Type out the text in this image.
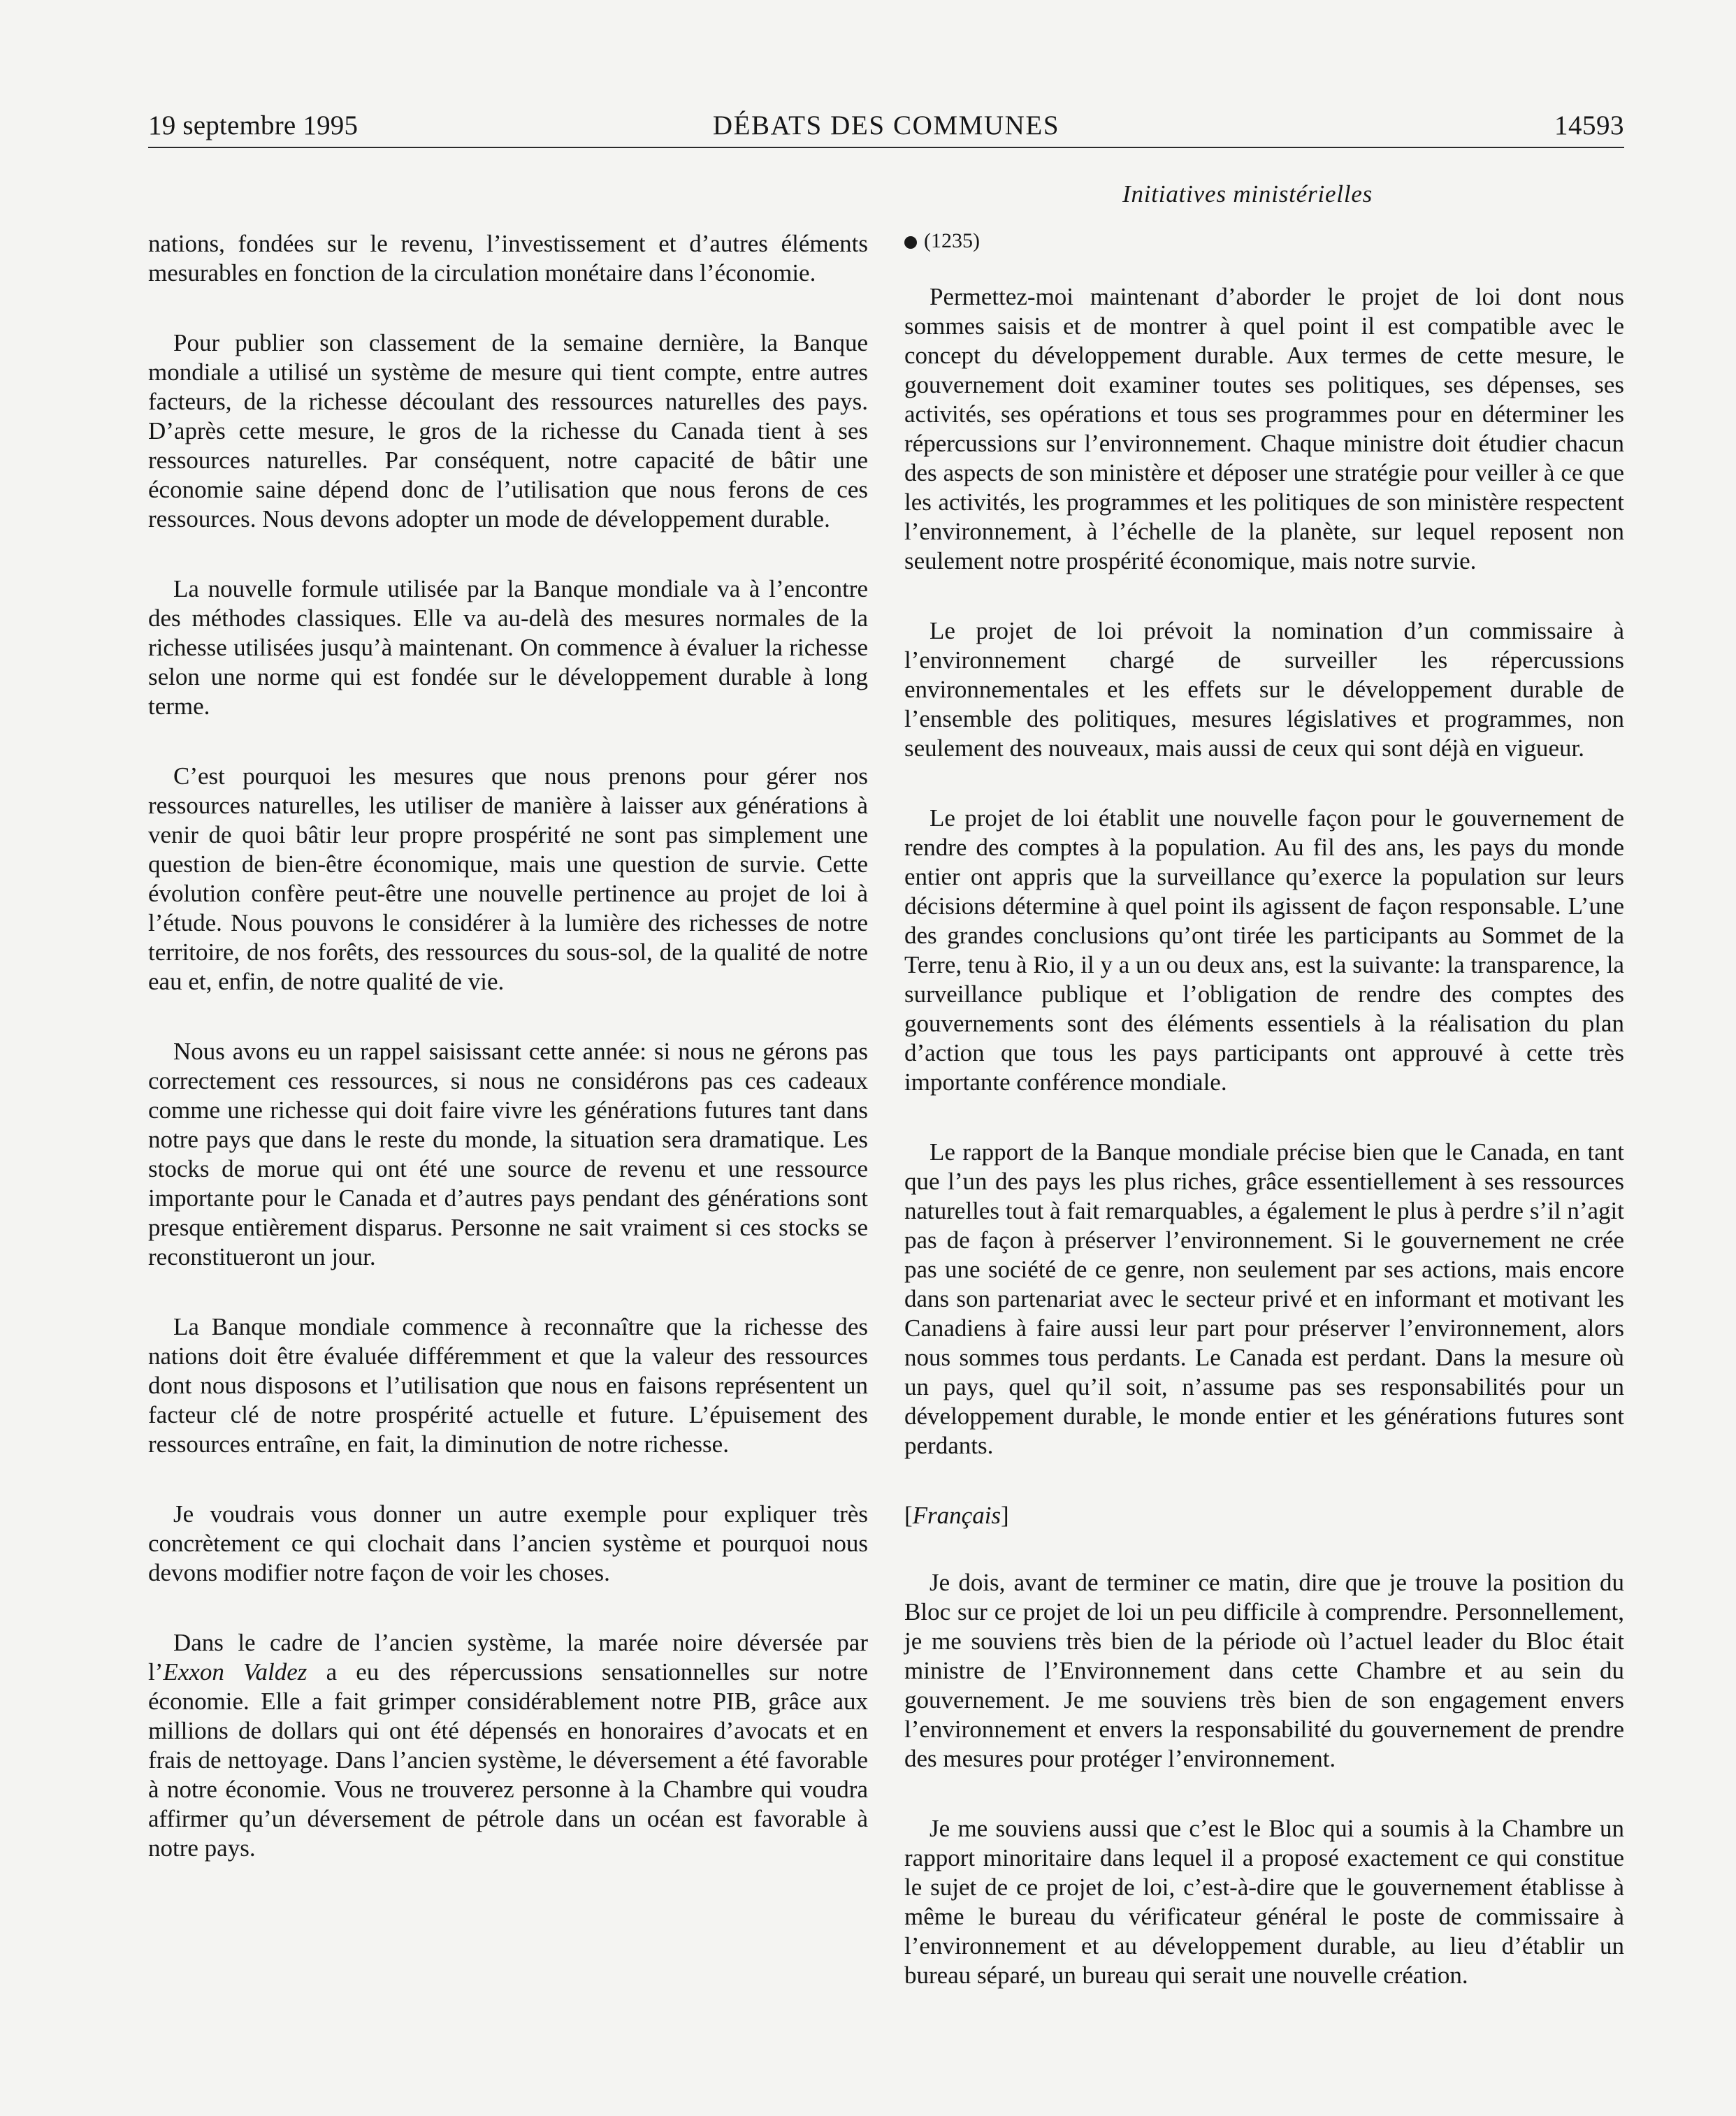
19 septembre 1995	DÉBATS DES COMMUNES	14593
Initiatives ministérielles

nations, fondées sur le revenu, l’investissement et d’autres éléments mesurables en fonction de la circulation monétaire dans l’économie.

Pour publier son classement de la semaine dernière, la Banque mondiale a utilisé un système de mesure qui tient compte, entre autres facteurs, de la richesse découlant des ressources naturelles des pays. D’après cette mesure, le gros de la richesse du Canada tient à ses ressources naturelles. Par conséquent, notre capacité de bâtir une économie saine dépend donc de l’utilisation que nous ferons de ces ressources. Nous devons adopter un mode de développement durable.

La nouvelle formule utilisée par la Banque mondiale va à l’encontre des méthodes classiques. Elle va au-delà des mesures normales de la richesse utilisées jusqu’à maintenant. On commence à évaluer la richesse selon une norme qui est fondée sur le développement durable à long terme.

C’est pourquoi les mesures que nous prenons pour gérer nos ressources naturelles, les utiliser de manière à laisser aux générations à venir de quoi bâtir leur propre prospérité ne sont pas simplement une question de bien-être économique, mais une question de survie. Cette évolution confère peut-être une nouvelle pertinence au projet de loi à l’étude. Nous pouvons le considérer à la lumière des richesses de notre territoire, de nos forêts, des ressources du sous-sol, de la qualité de notre eau et, enfin, de notre qualité de vie.

Nous avons eu un rappel saisissant cette année: si nous ne gérons pas correctement ces ressources, si nous ne considérons pas ces cadeaux comme une richesse qui doit faire vivre les générations futures tant dans notre pays que dans le reste du monde, la situation sera dramatique. Les stocks de morue qui ont été une source de revenu et une ressource importante pour le Canada et d’autres pays pendant des générations sont presque entièrement disparus. Personne ne sait vraiment si ces stocks se reconstitueront un jour.

La Banque mondiale commence à reconnaître que la richesse des nations doit être évaluée différemment et que la valeur des ressources dont nous disposons et l’utilisation que nous en faisons représentent un facteur clé de notre prospérité actuelle et future. L’épuisement des ressources entraîne, en fait, la diminution de notre richesse.

Je voudrais vous donner un autre exemple pour expliquer très concrètement ce qui clochait dans l’ancien système et pourquoi nous devons modifier notre façon de voir les choses.

Dans le cadre de l’ancien système, la marée noire déversée par l’Exxon Valdez a eu des répercussions sensationnelles sur notre économie. Elle a fait grimper considérablement notre PIB, grâce aux millions de dollars qui ont été dépensés en honoraires d’avocats et en frais de nettoyage. Dans l’ancien système, le déversement a été favorable à notre économie. Vous ne trouverez personne à la Chambre qui voudra affirmer qu’un déversement de pétrole dans un océan est favorable à notre pays.

(1235)

Permettez-moi maintenant d’aborder le projet de loi dont nous sommes saisis et de montrer à quel point il est compatible avec le concept du développement durable. Aux termes de cette mesure, le gouvernement doit examiner toutes ses politiques, ses dépenses, ses activités, ses opérations et tous ses programmes pour en déterminer les répercussions sur l’environnement. Chaque ministre doit étudier chacun des aspects de son ministère et déposer une stratégie pour veiller à ce que les activités, les programmes et les politiques de son ministère respectent l’environnement, à l’échelle de la planète, sur lequel reposent non seulement notre prospérité économique, mais notre survie.

Le projet de loi prévoit la nomination d’un commissaire à l’environnement chargé de surveiller les répercussions environnementales et les effets sur le développement durable de l’ensemble des politiques, mesures législatives et programmes, non seulement des nouveaux, mais aussi de ceux qui sont déjà en vigueur.

Le projet de loi établit une nouvelle façon pour le gouvernement de rendre des comptes à la population. Au fil des ans, les pays du monde entier ont appris que la surveillance qu’exerce la population sur leurs décisions détermine à quel point ils agissent de façon responsable. L’une des grandes conclusions qu’ont tirée les participants au Sommet de la Terre, tenu à Rio, il y a un ou deux ans, est la suivante: la transparence, la surveillance publique et l’obligation de rendre des comptes des gouvernements sont des éléments essentiels à la réalisation du plan d’action que tous les pays participants ont approuvé à cette très importante conférence mondiale.

Le rapport de la Banque mondiale précise bien que le Canada, en tant que l’un des pays les plus riches, grâce essentiellement à ses ressources naturelles tout à fait remarquables, a également le plus à perdre s’il n’agit pas de façon à préserver l’environnement. Si le gouvernement ne crée pas une société de ce genre, non seulement par ses actions, mais encore dans son partenariat avec le secteur privé et en informant et motivant les Canadiens à faire aussi leur part pour préserver l’environnement, alors nous sommes tous perdants. Le Canada est perdant. Dans la mesure où un pays, quel qu’il soit, n’assume pas ses responsabilités pour un développement durable, le monde entier et les générations futures sont perdants.

[Français]

Je dois, avant de terminer ce matin, dire que je trouve la position du Bloc sur ce projet de loi un peu difficile à comprendre. Personnellement, je me souviens très bien de la période où l’actuel leader du Bloc était ministre de l’Environnement dans cette Chambre et au sein du gouvernement. Je me souviens très bien de son engagement envers l’environnement et envers la responsabilité du gouvernement de prendre des mesures pour protéger l’environnement.

Je me souviens aussi que c’est le Bloc qui a soumis à la Chambre un rapport minoritaire dans lequel il a proposé exactement ce qui constitue le sujet de ce projet de loi, c’est-à-dire que le gouvernement établisse à même le bureau du vérificateur général le poste de commissaire à l’environnement et au développement durable, au lieu d’établir un bureau séparé, un bureau qui serait une nouvelle création.
